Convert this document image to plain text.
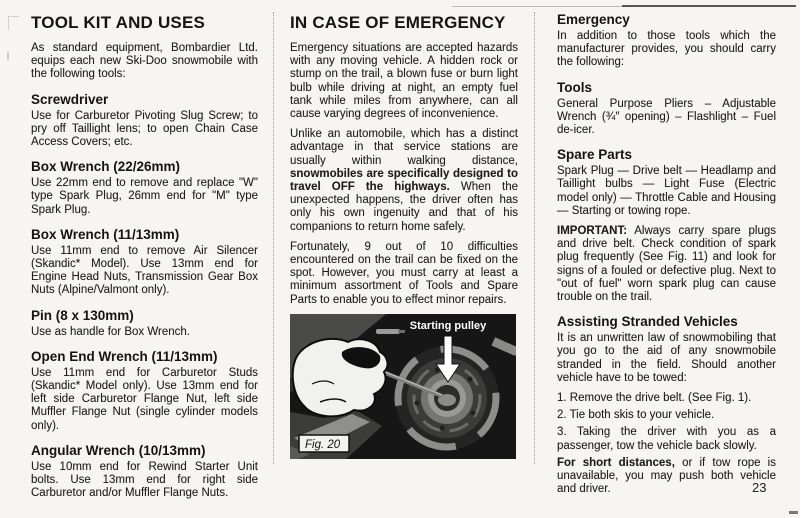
TOOL KIT AND USES
As standard equipment, Bombardier Ltd. equips each new Ski-Doo snowmobile with the following tools:
Screwdriver
Use for Carburetor Pivoting Slug Screw; to pry off Taillight lens; to open Chain Case Access Covers; etc.
Box Wrench (22/26mm)
Use 22mm end to remove and replace "W" type Spark Plug, 26mm end for "M" type Spark Plug.
Box Wrench (11/13mm)
Use 11mm end to remove Air Silencer (Skandic* Model). Use 13mm end for Engine Head Nuts, Transmission Gear Box Nuts (Alpine/Valmont only).
Pin (8 x 130mm)
Use as handle for Box Wrench.
Open End Wrench (11/13mm)
Use 11mm end for Carburetor Studs (Skandic* Model only). Use 13mm end for left side Carburetor Flange Nut, left side Muffler Flange Nut (single cylinder models only).
Angular Wrench (10/13mm)
Use 10mm end for Rewind Starter Unit bolts. Use 13mm end for right side Carburetor and/or Muffler Flange Nuts.
IN CASE OF EMERGENCY
Emergency situations are accepted hazards with any moving vehicle. A hidden rock or stump on the trail, a blown fuse or burn light bulb while driving at night, an empty fuel tank while miles from anywhere, can all cause varying degrees of inconvenience.
Unlike an automobile, which has a distinct advantage in that service stations are usually within walking distance, snowmobiles are specifically designed to travel OFF the highways. When the unexpected happens, the driver often has only his own ingenuity and that of his companions to return home safely.
Fortunately, 9 out of 10 difficulties encountered on the trail can be fixed on the spot. However, you must carry at least a minimum assortment of Tools and Spare Parts to enable you to effect minor repairs.
Starting pulley
Fig. 20
Emergency
In addition to those tools which the manufacturer provides, you should carry the following:
Tools
General Purpose Pliers – Adjustable Wrench (¾″ opening) – Flashlight – Fuel de-icer.
Spare Parts
Spark Plug — Drive belt — Headlamp and Taillight bulbs — Light Fuse (Electric model only) — Throttle Cable and Housing — Starting or towing rope.
IMPORTANT: Always carry spare plugs and drive belt. Check condition of spark plug frequently (See Fig. 11) and look for signs of a fouled or defective plug. Next to "out of fuel" worn spark plug can cause trouble on the trail.
Assisting Stranded Vehicles
It is an unwritten law of snowmobiling that you go to the aid of any snowmobile stranded in the field. Should another vehicle have to be towed:
1. Remove the drive belt. (See Fig. 1).
2. Tie both skis to your vehicle.
3. Taking the driver with you as a passenger, tow the vehicle back slowly.
For short distances, or if tow rope is unavailable, you may push both vehicle and driver.	23
